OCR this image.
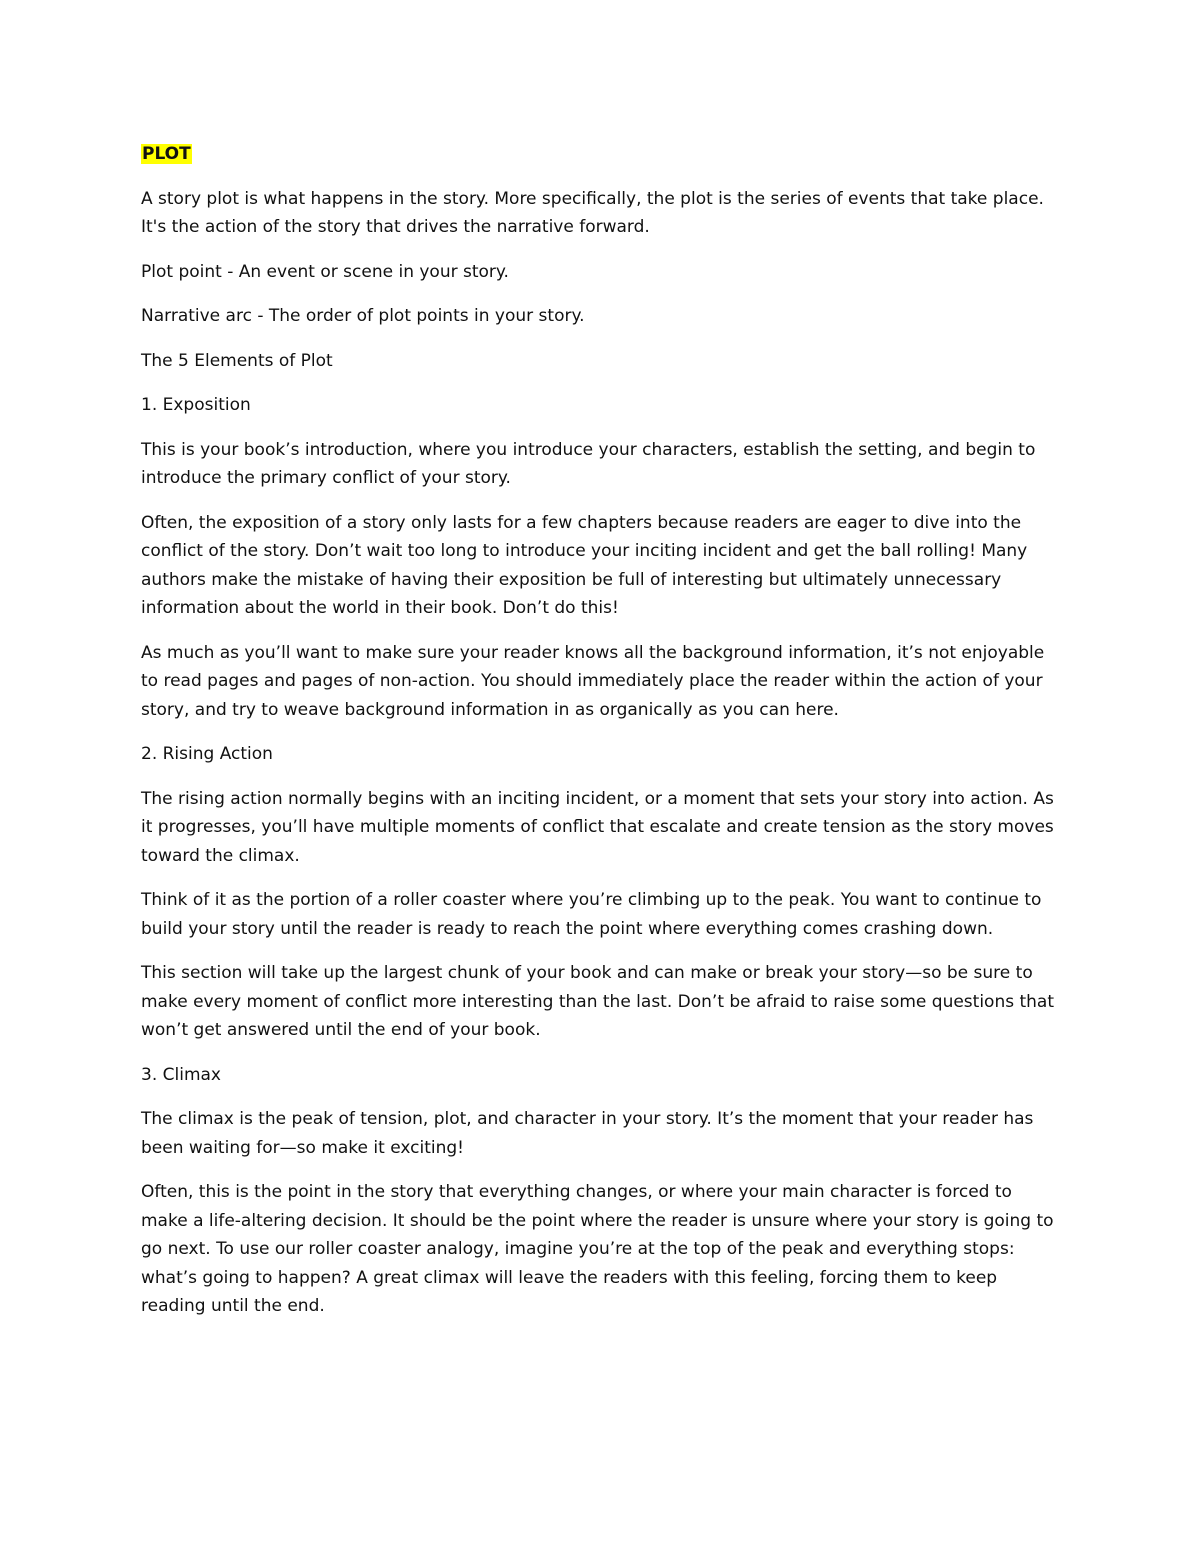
PLOT

A story plot is what happens in the story. More specifically, the plot is the series of events that take place. It's the action of the story that drives the narrative forward.

Plot point - An event or scene in your story.

Narrative arc - The order of plot points in your story.

The 5 Elements of Plot

1. Exposition

This is your book’s introduction, where you introduce your characters, establish the setting, and begin to introduce the primary conflict of your story.

Often, the exposition of a story only lasts for a few chapters because readers are eager to dive into the conflict of the story. Don’t wait too long to introduce your inciting incident and get the ball rolling! Many authors make the mistake of having their exposition be full of interesting but ultimately unnecessary information about the world in their book. Don’t do this!

As much as you’ll want to make sure your reader knows all the background information, it’s not enjoyable to read pages and pages of non-action. You should immediately place the reader within the action of your story, and try to weave background information in as organically as you can here.

2. Rising Action

The rising action normally begins with an inciting incident, or a moment that sets your story into action. As it progresses, you’ll have multiple moments of conflict that escalate and create tension as the story moves toward the climax.

Think of it as the portion of a roller coaster where you’re climbing up to the peak. You want to continue to build your story until the reader is ready to reach the point where everything comes crashing down.

This section will take up the largest chunk of your book and can make or break your story—so be sure to make every moment of conflict more interesting than the last. Don’t be afraid to raise some questions that won’t get answered until the end of your book.

3. Climax

The climax is the peak of tension, plot, and character in your story. It’s the moment that your reader has been waiting for—so make it exciting!

Often, this is the point in the story that everything changes, or where your main character is forced to make a life-altering decision. It should be the point where the reader is unsure where your story is going to go next. To use our roller coaster analogy, imagine you’re at the top of the peak and everything stops: what’s going to happen? A great climax will leave the readers with this feeling, forcing them to keep reading until the end.
